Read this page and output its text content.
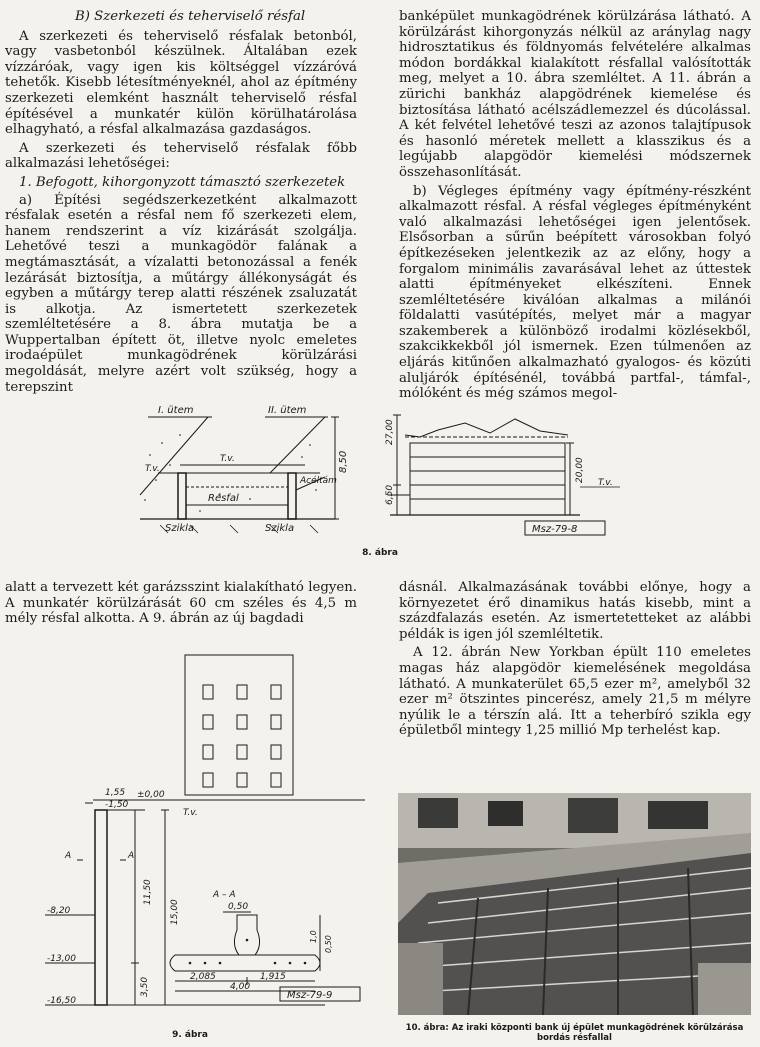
B) Szerkezeti és teherviselő résfal

A szerkezeti és teherviselő résfalak betonból, vagy vasbetonból készülnek. Általában ezek vízzáróak, vagy igen kis költséggel vízzáróvá tehetők. Kisebb létesítményeknél, ahol az építmény szerkezeti elemként használt teherviselő résfal építésével a munkatér külön körülhatárolása elhagyható, a résfal alkalmazása gazdaságos.

A szerkezeti és teherviselő résfalak főbb alkalmazási lehetőségei:

1. Befogott, kihorgonyzott támasztó szerkezetek

a) Építési segédszerkezetként alkalmazott résfalak esetén a résfal nem fő szerkezeti elem, hanem rendszerint a víz kizárását szolgálja. Lehetővé teszi a munkagödör falának a megtámasztását, a vízalatti betonozással a fenék lezárását biztosítja, a műtárgy állékonyságát és egyben a műtárgy terep alatti részének zsaluzatát is alkotja. Az ismertetett szerkezetek szemléltetésére a 8. ábra mutatja be a Wuppertalban épített öt, illetve nyolc emeletes irodaépület munkagödrének körülzárási megoldását, melyre azért volt szükség, hogy a terepszint

banképület munkagödrének körülzárása látható. A körülzárást kihorgonyzás nélkül az aránylag nagy hidrosztatikus és földnyomás felvételére alkalmas módon bordákkal kialakított résfallal valósították meg, melyet a 10. ábra szemléltet. A 11. ábrán a zürichi bankház alapgödrének kiemelése és biztosítása látható acélszádlemezzel és dúcolással. A két felvétel lehetővé teszi az azonos talajtípusok és hasonló méretek mellett a klasszikus és a legújabb alapgödör kiemelési módszernek összehasonlítását.

b) Végleges építmény vagy építmény-részként alkalmazott résfal. A résfal végleges építményként való alkalmazási lehetőségei igen jelentősek. Elsősorban a sűrűn beépített városokban folyó építkezéseken jelentkezik az az előny, hogy a forgalom minimális zavarásával lehet az úttestek alatti építményeket elkészíteni. Ennek szemléltetésére kiválóan alkalmas a milánói földalatti vasútépítés, melyet már a magyar szakemberek a különböző irodalmi közlésekből, szakcikkekből jól ismernek. Ezen túlmenően az eljárás kitűnően alkalmazható gyalogos- és közúti aluljárók építésénél, továbbá partfal-, támfal-, mólóként és még számos megol-

I. ütem	II. ütem
T.v.
T.v.
Résfal
Acéltám
Szikla	Szikla
8,50
27,00
6,50
20,00 T.v.
Msz-79-8
8. ábra

alatt a tervezett két garázsszint kialakítható legyen. A munkatér körülzárását 60 cm széles és 4,5 m mély résfal alkotta. A 9. ábrán az új bagdadi

-1,50
±0,00
1,55
T.v.
A	A
-8,20
-13,00
-16,50
11,50
15,00
3,50
A – A
0,50
2,085	1,915
4,00
1,0 0,50
Msz-79-9
9. ábra

dásnál. Alkalmazásának további előnye, hogy a környezetet érő dinamikus hatás kisebb, mint a százdfalazás esetén. Az ismertetetteket az alábbi példák is igen jól szemléltetik.

A 12. ábrán New Yorkban épült 110 emeletes magas ház alapgödör kiemelésének megoldása látható. A munkaterület 65,5 ezer m², amelyből 32 ezer m² ötszintes pincerész, amely 21,5 m mélyre nyúlik le a térszín alá. Itt a teherbíró szikla egy épületből mintegy 1,25 millió Mp terhelést kap.

10. ábra: Az iraki központi bank új épület munkagödrének körülzárása bordás résfallal
